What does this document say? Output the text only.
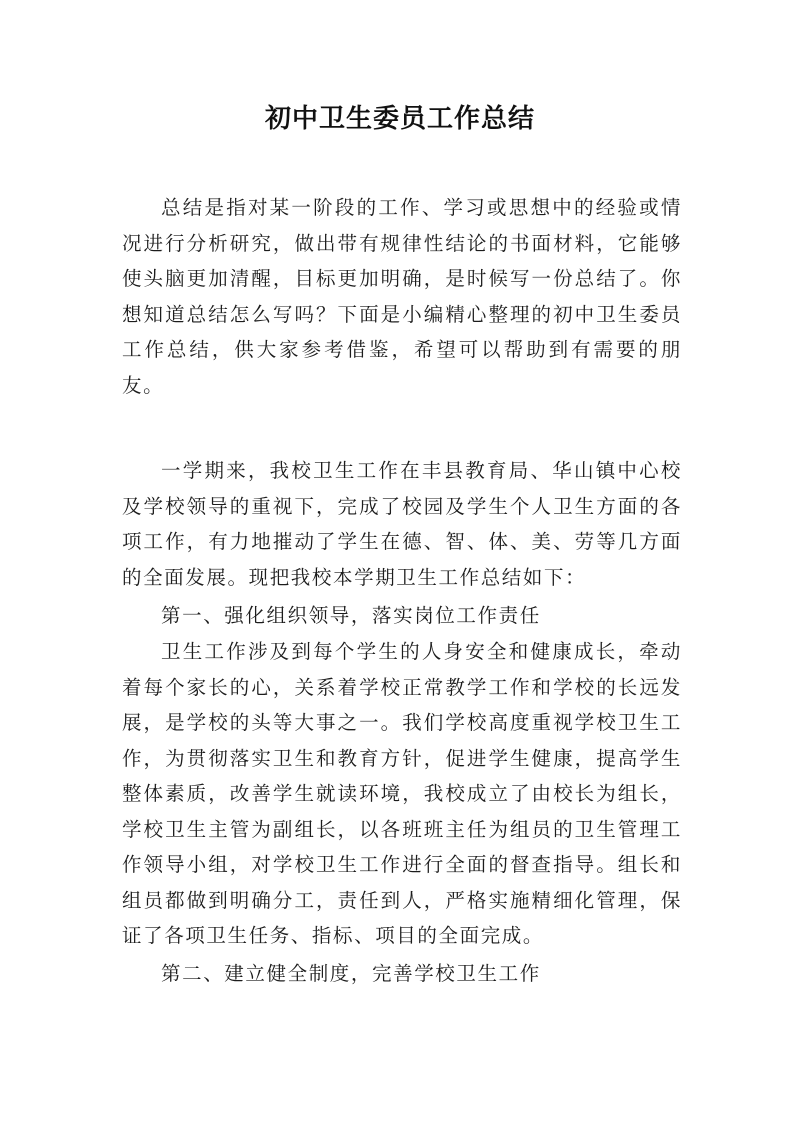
初中卫生委员工作总结

总结是指对某一阶段的工作、学习或思想中的经验或情况进行分析研究，做出带有规律性结论的书面材料，它能够使头脑更加清醒，目标更加明确，是时候写一份总结了。你想知道总结怎么写吗？下面是小编精心整理的初中卫生委员工作总结，供大家参考借鉴，希望可以帮助到有需要的朋友。

一学期来，我校卫生工作在丰县教育局、华山镇中心校及学校领导的重视下，完成了校园及学生个人卫生方面的各项工作，有力地摧动了学生在德、智、体、美、劳等几方面的全面发展。现把我校本学期卫生工作总结如下：

第一、强化组织领导，落实岗位工作责任

卫生工作涉及到每个学生的人身安全和健康成长，牵动着每个家长的心，关系着学校正常教学工作和学校的长远发展，是学校的头等大事之一。我们学校高度重视学校卫生工作，为贯彻落实卫生和教育方针，促进学生健康，提高学生整体素质，改善学生就读环境，我校成立了由校长为组长，学校卫生主管为副组长，以各班班主任为组员的卫生管理工作领导小组，对学校卫生工作进行全面的督查指导。组长和组员都做到明确分工，责任到人，严格实施精细化管理，保证了各项卫生任务、指标、项目的全面完成。

第二、建立健全制度，完善学校卫生工作
